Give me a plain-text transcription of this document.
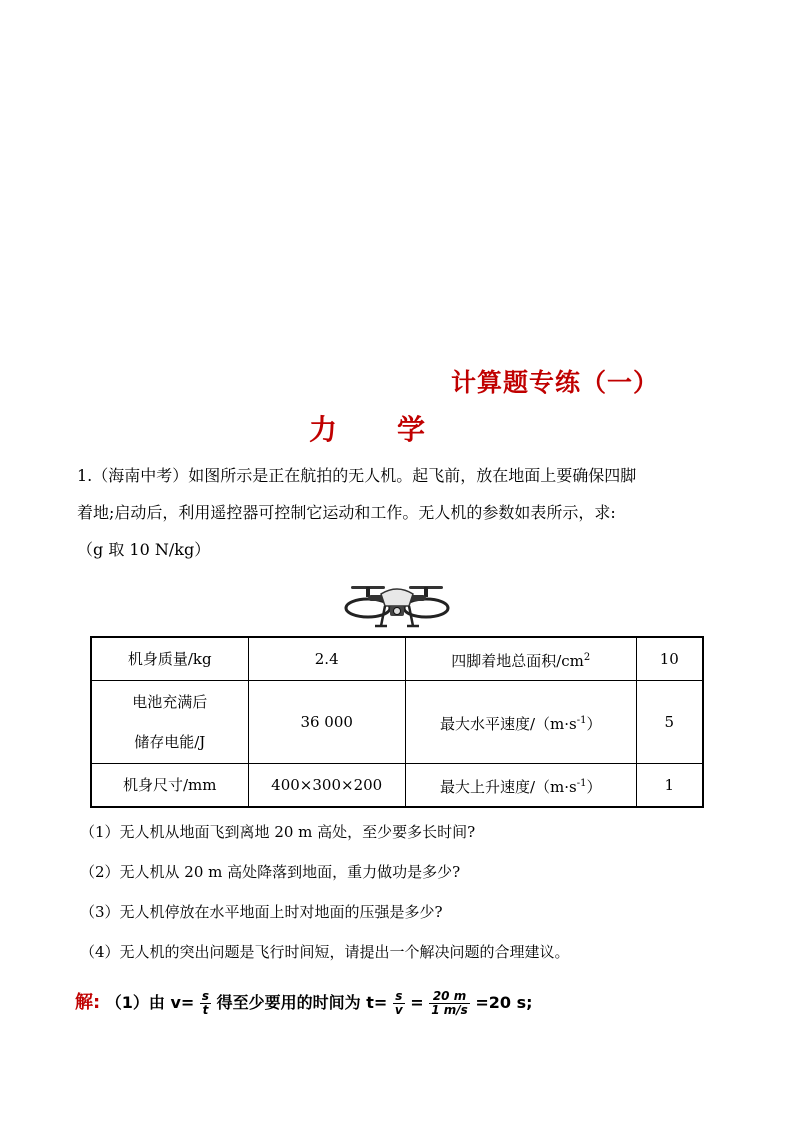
计算题专练（一）
力学
1.（海南中考）如图所示是正在航拍的无人机。起飞前，放在地面上要确保四脚
着地;启动后，利用遥控器可控制它运动和工作。无人机的参数如表所示，求:
（g 取 10 N/kg）
机身质量/kg	2.4	四脚着地总面积$/cm^2$	10

电池充满后
储存电能/J	36 000	最大水平速度$/(m\cdot s^{-1})$	5
机身尺寸/mm	400×300×200	最大上升速度$/(m\cdot s^{-1})$	1
（1）无人机从地面飞到离地 20 m 高处，至少要多长时间?
（2）无人机从 20 m 高处降落到地面，重力做功是多少?
（3）无人机停放在水平地面上时对地面的压强是多少?
（4）无人机的突出问题是飞行时间短，请提出一个解决问题的合理建议。
解: （1）由 $v= \frac{s}{t}$ 得至少要用的时间为 $t= \frac{s}{v} = \frac{20 m}{1 m/s} =20$ s;
